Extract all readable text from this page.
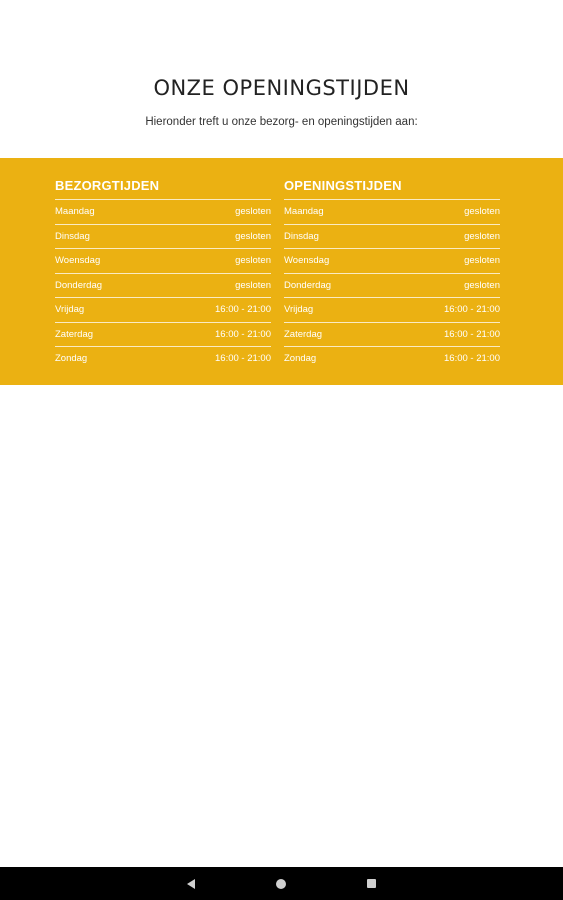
ONZE OPENINGSTIJDEN
Hieronder treft u onze bezorg- en openingstijden aan:
BEZORGTIJDEN
Maandag	gesloten
Dinsdag	gesloten
Woensdag	gesloten
Donderdag	gesloten
Vrijdag	16:00 - 21:00
Zaterdag	16:00 - 21:00
Zondag	16:00 - 21:00
OPENINGSTIJDEN
Maandag	gesloten
Dinsdag	gesloten
Woensdag	gesloten
Donderdag	gesloten
Vrijdag	16:00 - 21:00
Zaterdag	16:00 - 21:00
Zondag	16:00 - 21:00
